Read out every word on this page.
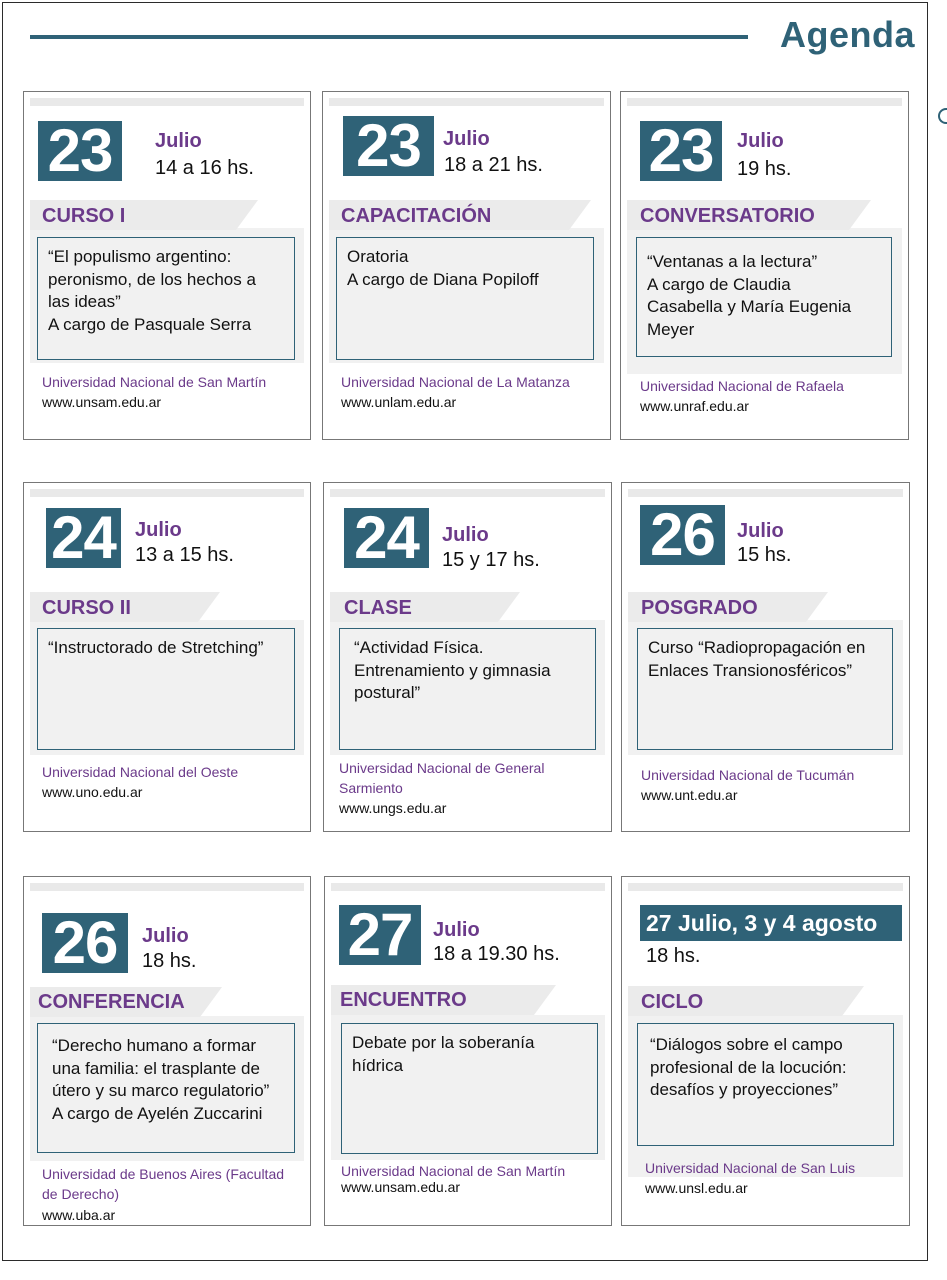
Agenda
23	Julio
14 a 16 hs.
CURSO I
“El populismo argentino:
peronismo, de los hechos a
las ideas”
A cargo de Pasquale Serra
Universidad Nacional de San Martín
www.unsam.edu.ar
23	Julio
18 a 21 hs.
CAPACITACIÓN
Oratoria
A cargo de Diana Popiloff
Universidad Nacional de La Matanza
www.unlam.edu.ar
23	Julio
19 hs.
CONVERSATORIO
“Ventanas a la lectura”
A cargo de Claudia
Casabella y María Eugenia
Meyer
Universidad Nacional de Rafaela
www.unraf.edu.ar
24 Julio
13 a 15 hs.
CURSO II
“Instructorado de Stretching”
Universidad Nacional del Oeste
www.uno.edu.ar
24	Julio
15 y 17 hs.
CLASE
“Actividad Física.
Entrenamiento y gimnasia
postural”
Universidad Nacional de General
Sarmiento
www.ungs.edu.ar
26	Julio
15 hs.
POSGRADO
Curso “Radiopropagación en
Enlaces Transionosféricos”
Universidad Nacional de Tucumán
www.unt.edu.ar
26	Julio
18 hs.
CONFERENCIA
“Derecho humano a formar
una familia: el trasplante de
útero y su marco regulatorio”
A cargo de Ayelén Zuccarini
Universidad de Buenos Aires (Facultad
de Derecho)
www.uba.ar
27	Julio
18 a 19.30 hs.
ENCUENTRO
Debate por la soberanía
hídrica
Universidad Nacional de San Martín
www.unsam.edu.ar
27 Julio, 3 y 4 agosto
18 hs.
CICLO
“Diálogos sobre el campo
profesional de la locución:
desafíos y proyecciones”
Universidad Nacional de San Luis
www.unsl.edu.ar
